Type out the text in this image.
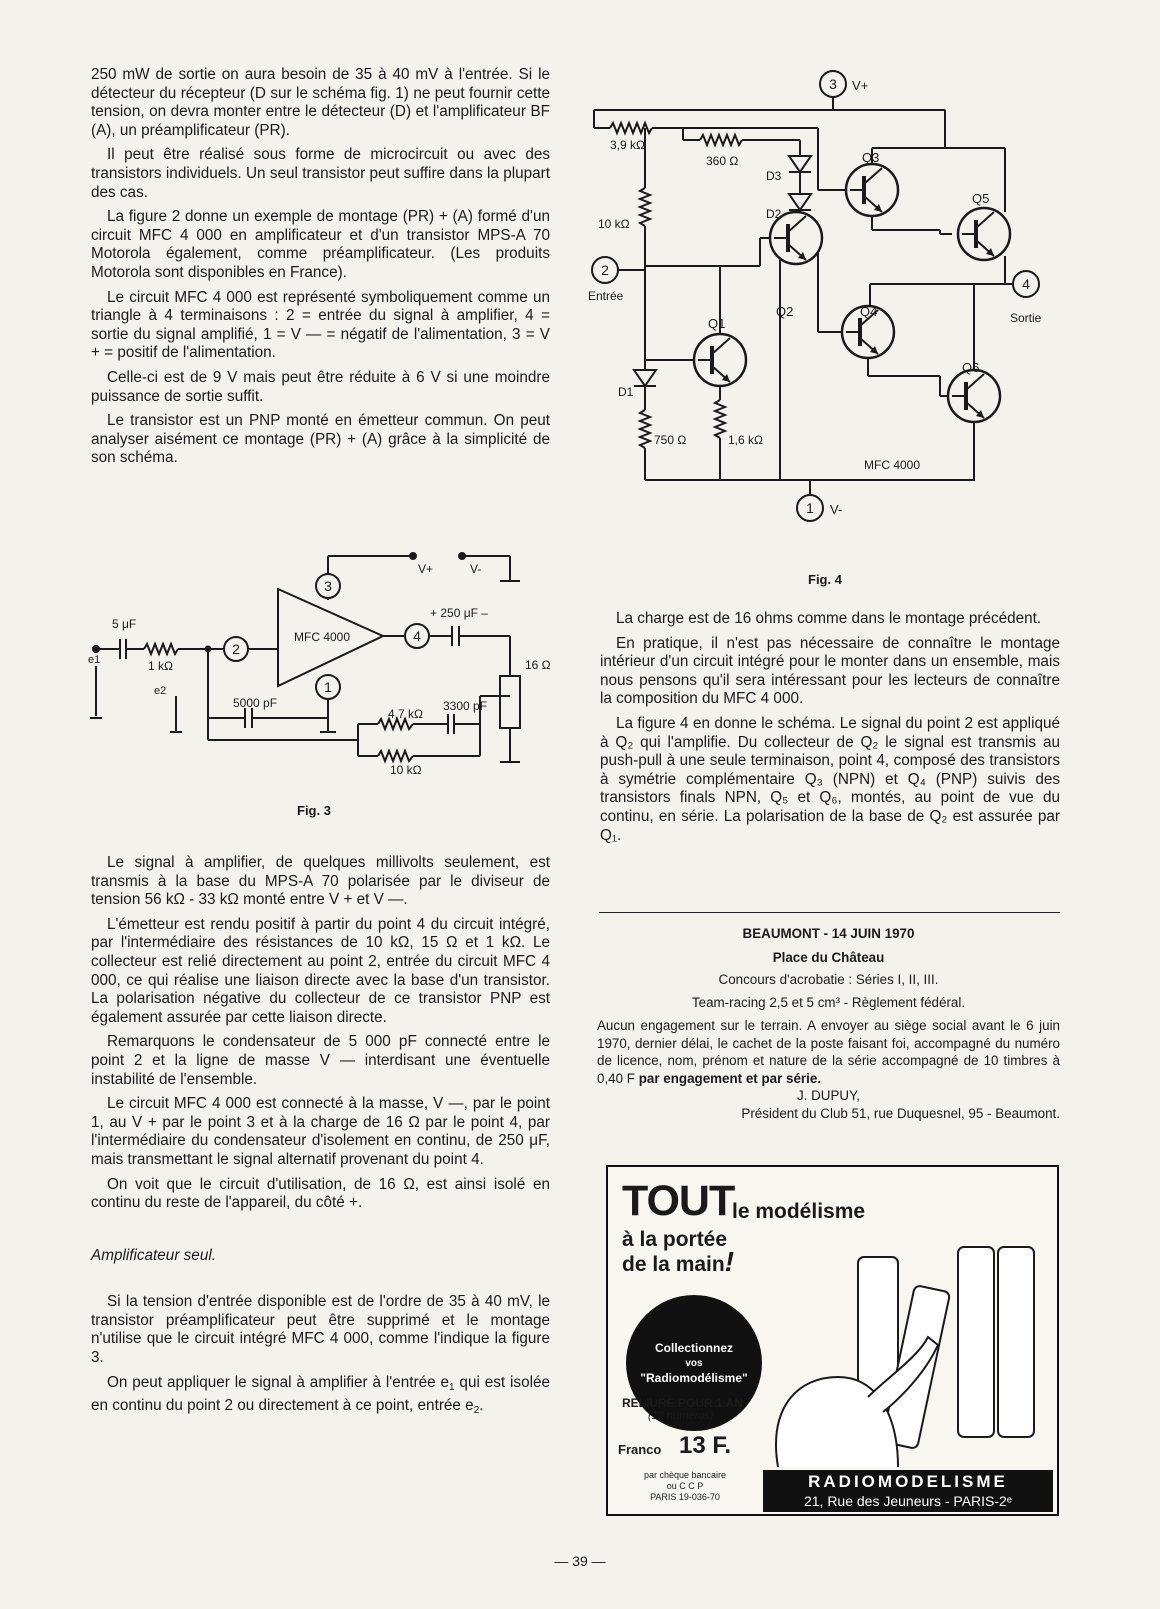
250 mW de sortie on aura besoin de 35 à 40 mV à l'entrée. Si le détecteur du récepteur (D sur le schéma fig. 1) ne peut fournir cette tension, on devra monter entre le détecteur (D) et l'amplificateur BF (A), un préamplificateur (PR).

Il peut être réalisé sous forme de microcircuit ou avec des transistors individuels. Un seul transistor peut suffire dans la plupart des cas.

La figure 2 donne un exemple de montage (PR) + (A) formé d'un circuit MFC 4 000 en amplificateur et d'un transistor MPS-A 70 Motorola également, comme préamplificateur. (Les produits Motorola sont disponibles en France).

Le circuit MFC 4 000 est représenté symboliquement comme un triangle à 4 terminaisons : 2 = entrée du signal à amplifier, 4 = sortie du signal amplifié, 1 = V — = négatif de l'alimentation, 3 = V + = positif de l'alimentation.

Celle-ci est de 9 V mais peut être réduite à 6 V si une moindre puissance de sortie suffit.

Le transistor est un PNP monté en émetteur commun. On peut analyser aisément ce montage (PR) + (A) grâce à la simplicité de son schéma.

2
3
4
1
MFC 4000
V+	V-
5 μF
1 kΩ
e1
e2
5000 pF
+ 250 μF –
16 Ω
4,7 kΩ
3300 pF
10 kΩ
Fig. 3

Le signal à amplifier, de quelques millivolts seulement, est transmis à la base du MPS-A 70 polarisée par le diviseur de tension 56 kΩ - 33 kΩ monté entre V + et V —.

L'émetteur est rendu positif à partir du point 4 du circuit intégré, par l'intermédiaire des résistances de 10 kΩ, 15 Ω et 1 kΩ. Le collecteur est relié directement au point 2, entrée du circuit MFC 4 000, ce qui réalise une liaison directe avec la base d'un transistor. La polarisation négative du collecteur de ce transistor PNP est également assurée par cette liaison directe.

Remarquons le condensateur de 5 000 pF connecté entre le point 2 et la ligne de masse V — interdisant une éventuelle instabilité de l'ensemble.

Le circuit MFC 4 000 est connecté à la masse, V —, par le point 1, au V + par le point 3 et à la charge de 16 Ω par le point 4, par l'intermédiaire du condensateur d'isolement en continu, de 250 μF, mais transmettant le signal alternatif provenant du point 4.

On voit que le circuit d'utilisation, de 16 Ω, est ainsi isolé en continu du reste de l'appareil, du côté +.

Amplificateur seul.

Si la tension d'entrée disponible est de l'ordre de 35 à 40 mV, le transistor préamplificateur peut être supprimé et le montage n'utilise que le circuit intégré MFC 4 000, comme l'indique la figure 3.

On peut appliquer le signal à amplifier à l'entrée $e_1$ qui est isolée en continu du point 2 ou directement à ce point, entrée $e_2$.

3 V+
2
Entrée
4
Sortie
1 V-
3,9 kΩ
360 Ω
10 kΩ
750 Ω	1,6 kΩ
D1
D2
D3
Q1
Q2
Q3
Q4
Q5
Q6
MFC 4000
Fig. 4

La charge est de 16 ohms comme dans le montage précédent.

En pratique, il n'est pas nécessaire de connaître le montage intérieur d'un circuit intégré pour le monter dans un ensemble, mais nous pensons qu'il sera intéressant pour les lecteurs de connaître la composition du MFC 4 000.

La figure 4 en donne le schéma. Le signal du point 2 est appliqué à Q₂ qui l'amplifie. Du collecteur de Q₂ le signal est transmis au push-pull à une seule terminaison, point 4, composé des transistors à symétrie complémentaire Q₃ (NPN) et Q₄ (PNP) suivis des transistors finals NPN, Q₅ et Q₆, montés, au point de vue du continu, en série. La polarisation de la base de Q₂ est assurée par Q₁.

BEAUMONT - 14 JUIN 1970

Place du Château

Concours d'acrobatie : Séries I, II, III.

Team-racing 2,5 et 5 cm³ - Règlement fédéral.

Aucun engagement sur le terrain. A envoyer au siège social avant le 6 juin 1970, dernier délai, le cachet de la poste faisant foi, accompagné du numéro de licence, nom, prénom et nature de la série accompagné de 10 timbres à 0,40 F par engagement et par série.

J. DUPUY,

Président du Club 51, rue Duquesnel, 95 - Beaumont.

TOUT
le modélisme
à la portée
de la main!
Collectionnez
vos
"Radiomodélisme"
RELIURE POUR 1 AN
(12 numéros)
Franco 13 F.
par chèque bancaire
ou C C P
PARIS 19-036-70
RADIOMODELISME
21, Rue des Jeuneurs - PARIS-2ᵉ
— 39 —
